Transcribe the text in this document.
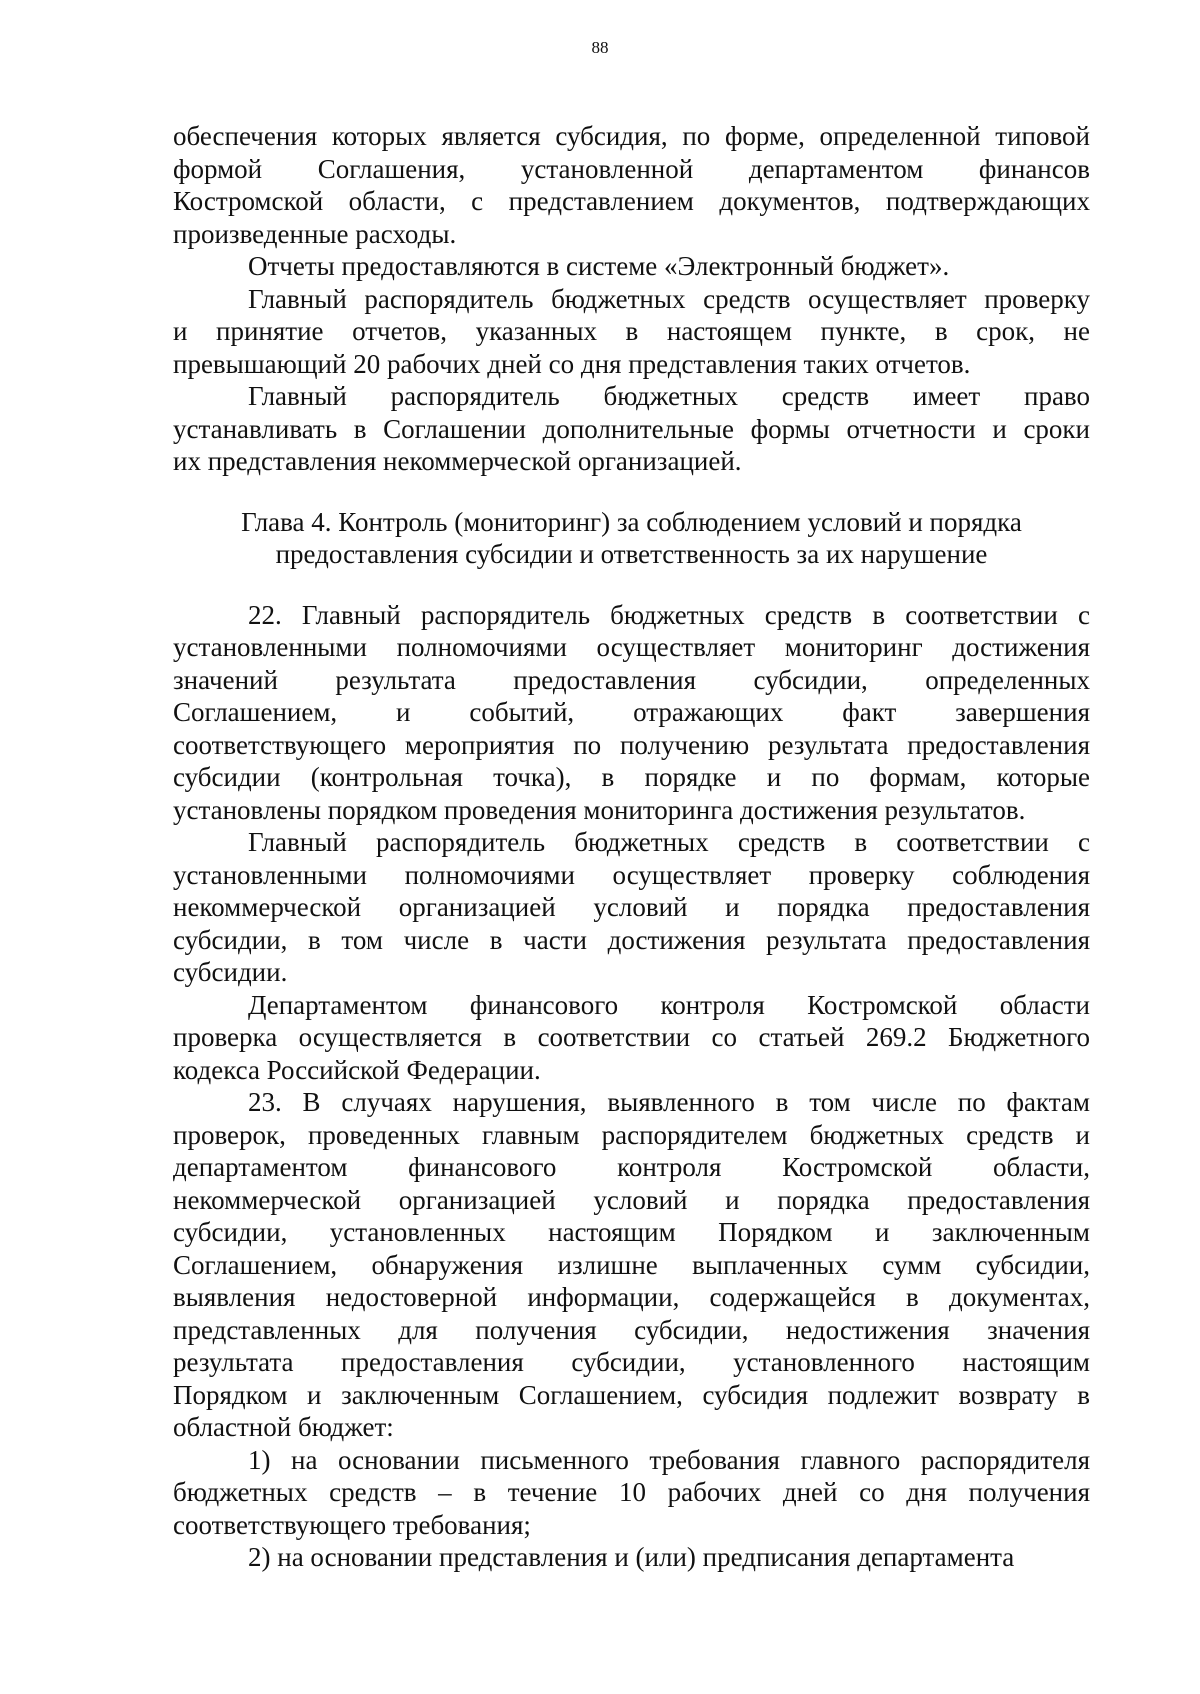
88
обеспечения которых является субсидия, по форме, определенной типовой
формой Соглашения, установленной департаментом финансов
Костромской области, с представлением документов, подтверждающих
произведенные расходы.
Отчеты предоставляются в системе «Электронный бюджет».
Главный распорядитель бюджетных средств осуществляет проверку
и принятие отчетов, указанных в настоящем пункте, в срок, не
превышающий 20 рабочих дней со дня представления таких отчетов.
Главный распорядитель бюджетных средств имеет право
устанавливать в Соглашении дополнительные формы отчетности и сроки
их представления некоммерческой организацией.
Глава 4. Контроль (мониторинг) за соблюдением условий и порядка
предоставления субсидии и ответственность за их нарушение
22. Главный распорядитель бюджетных средств в соответствии с
установленными полномочиями осуществляет мониторинг достижения
значений результата предоставления субсидии, определенных
Соглашением, и событий, отражающих факт завершения
соответствующего мероприятия по получению результата предоставления
субсидии (контрольная точка), в порядке и по формам, которые
установлены порядком проведения мониторинга достижения результатов.
Главный распорядитель бюджетных средств в соответствии с
установленными полномочиями осуществляет проверку соблюдения
некоммерческой организацией условий и порядка предоставления
субсидии, в том числе в части достижения результата предоставления
субсидии.
Департаментом финансового контроля Костромской области
проверка осуществляется в соответствии со статьей 269.2 Бюджетного
кодекса Российской Федерации.
23. В случаях нарушения, выявленного в том числе по фактам
проверок, проведенных главным распорядителем бюджетных средств и
департаментом финансового контроля Костромской области,
некоммерческой организацией условий и порядка предоставления
субсидии, установленных настоящим Порядком и заключенным
Соглашением, обнаружения излишне выплаченных сумм субсидии,
выявления недостоверной информации, содержащейся в документах,
представленных для получения субсидии, недостижения значения
результата предоставления субсидии, установленного настоящим
Порядком и заключенным Соглашением, субсидия подлежит возврату в
областной бюджет:
1) на основании письменного требования главного распорядителя
бюджетных средств – в течение 10 рабочих дней со дня получения
соответствующего требования;
2) на основании представления и (или) предписания департамента
